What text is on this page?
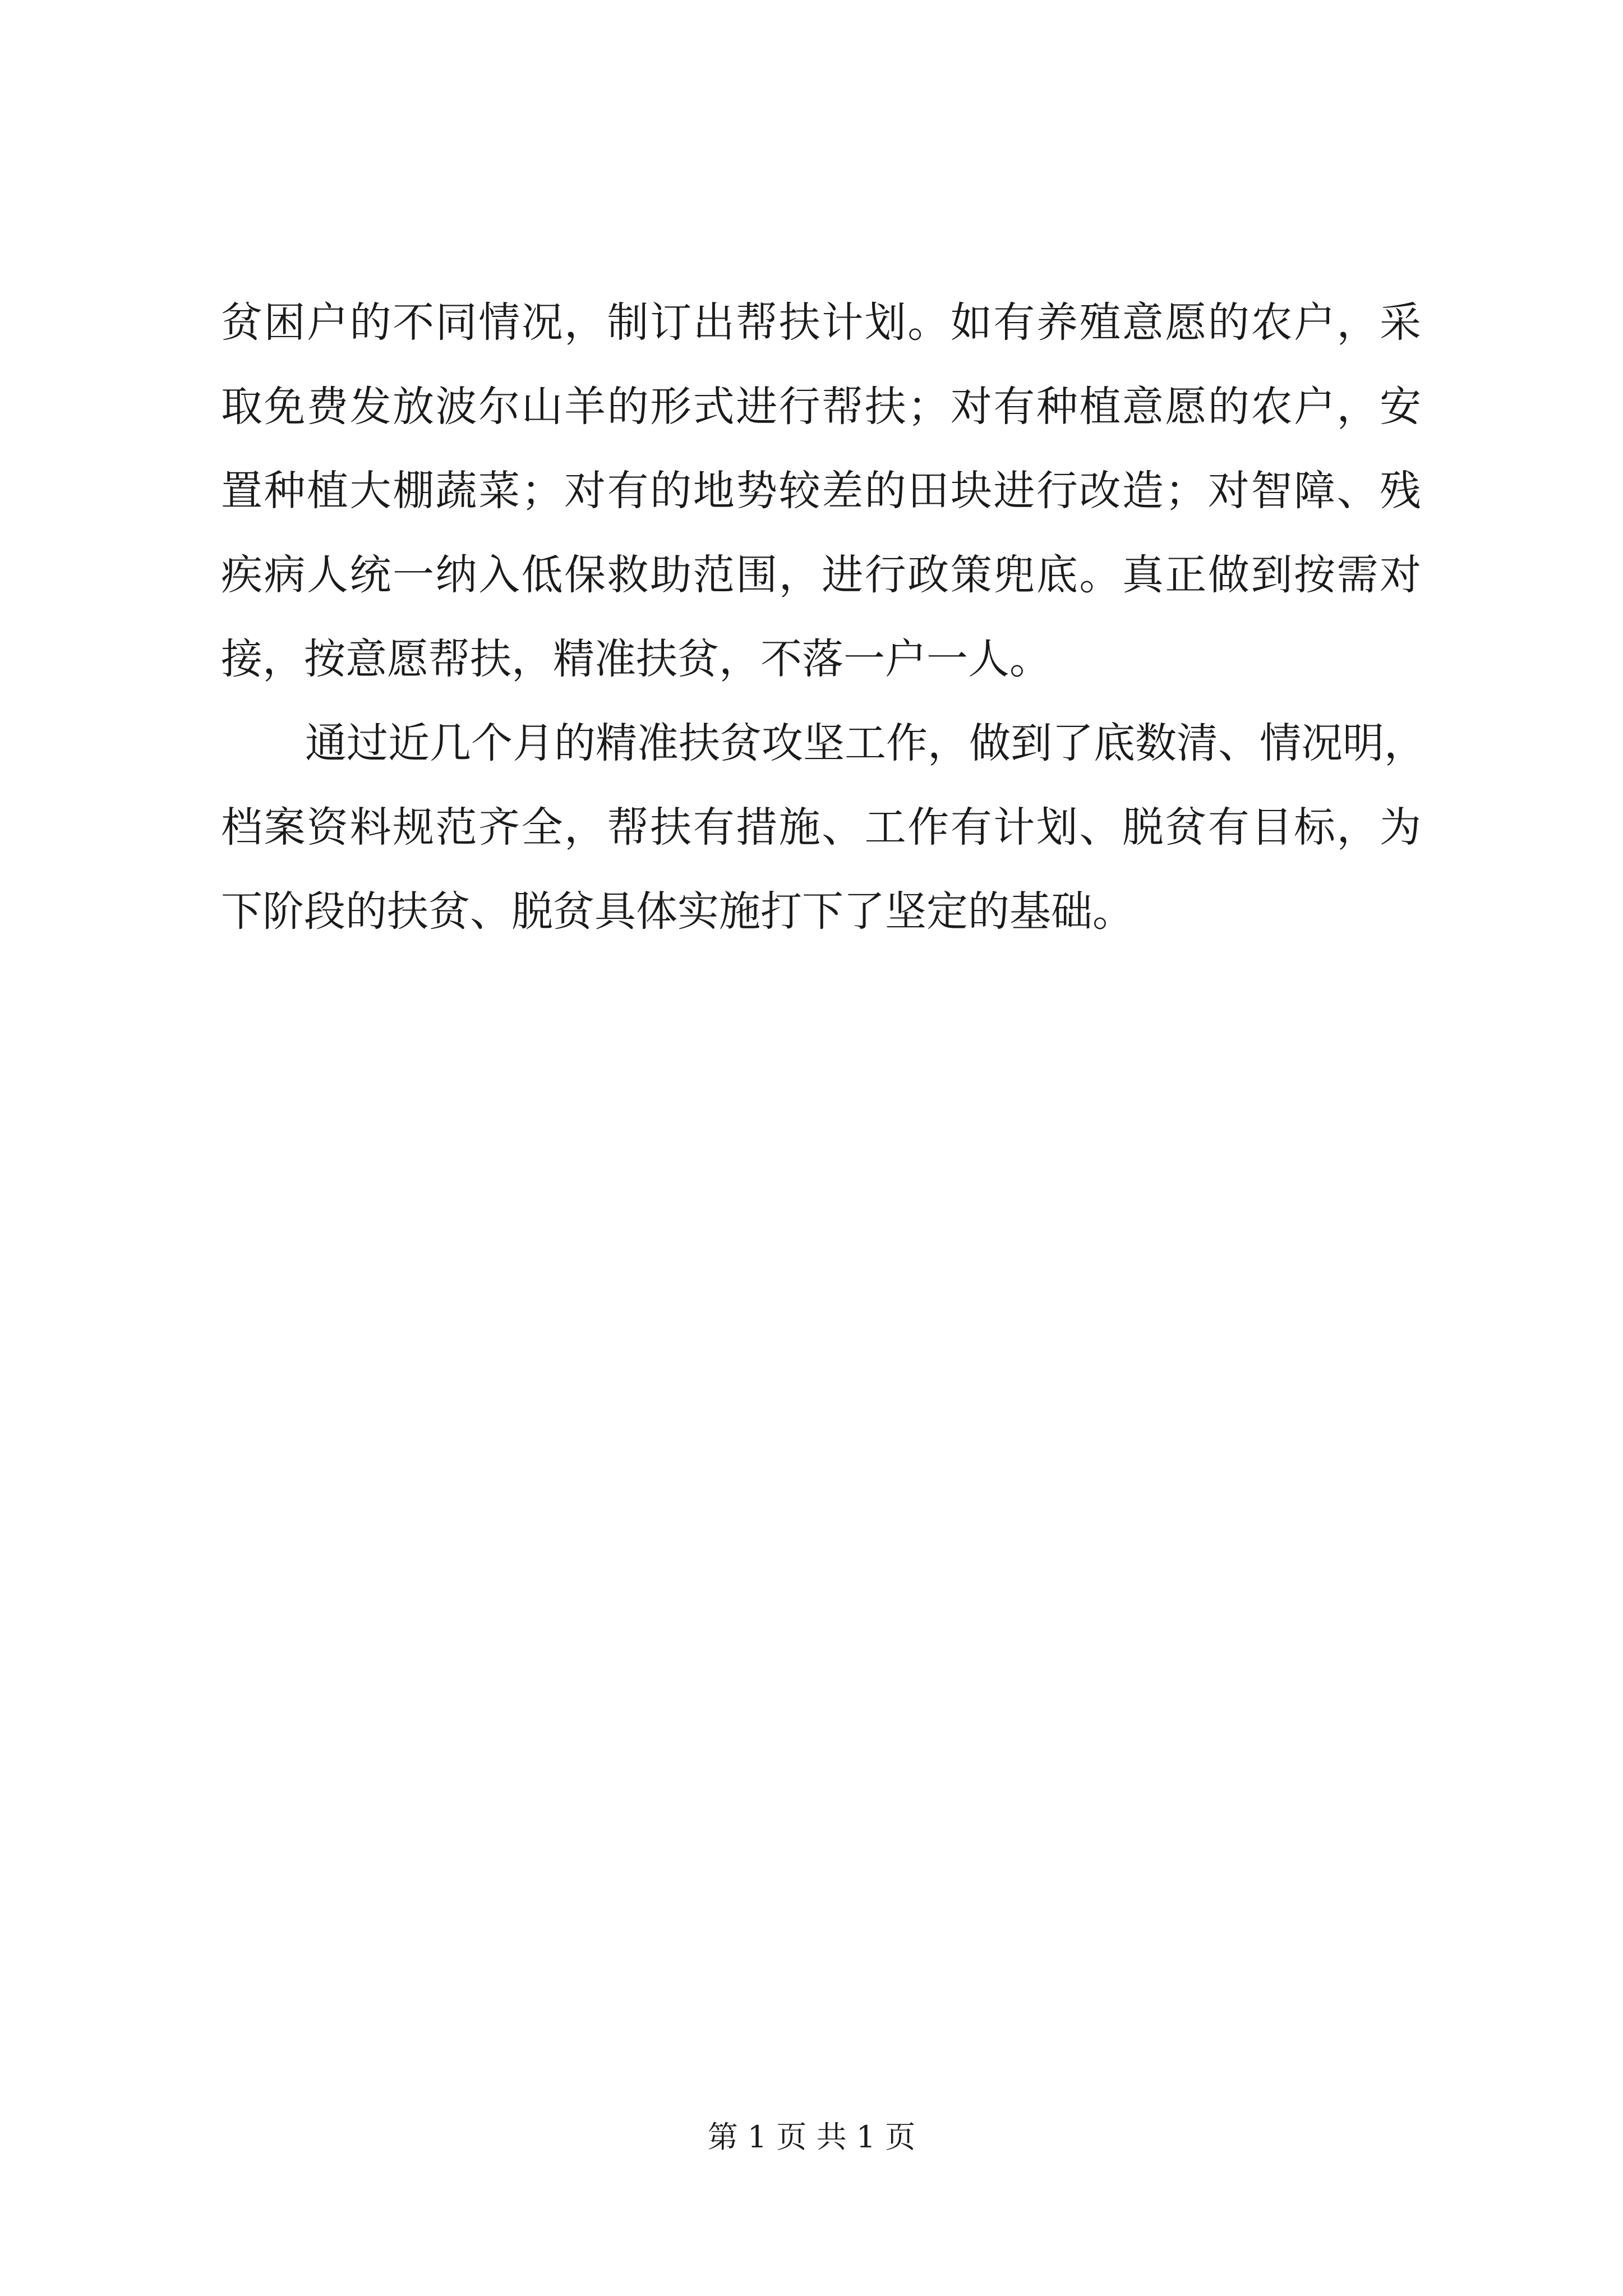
贫困户的不同情况，制订出帮扶计划。如有养殖意愿的农户，采
取免费发放波尔山羊的形式进行帮扶；对有种植意愿的农户，安
置种植大棚蔬菜；对有的地势较差的田块进行改造；对智障、残
疾病人统一纳入低保救助范围，进行政策兜底。真正做到按需对
接，按意愿帮扶，精准扶贫，不落一户一人。
通过近几个月的精准扶贫攻坚工作，做到了底数清、情况明，
档案资料规范齐全，帮扶有措施、工作有计划、脱贫有目标，为
下阶段的扶贫、脱贫具体实施打下了坚定的基础。
第 1 页 共 1 页
